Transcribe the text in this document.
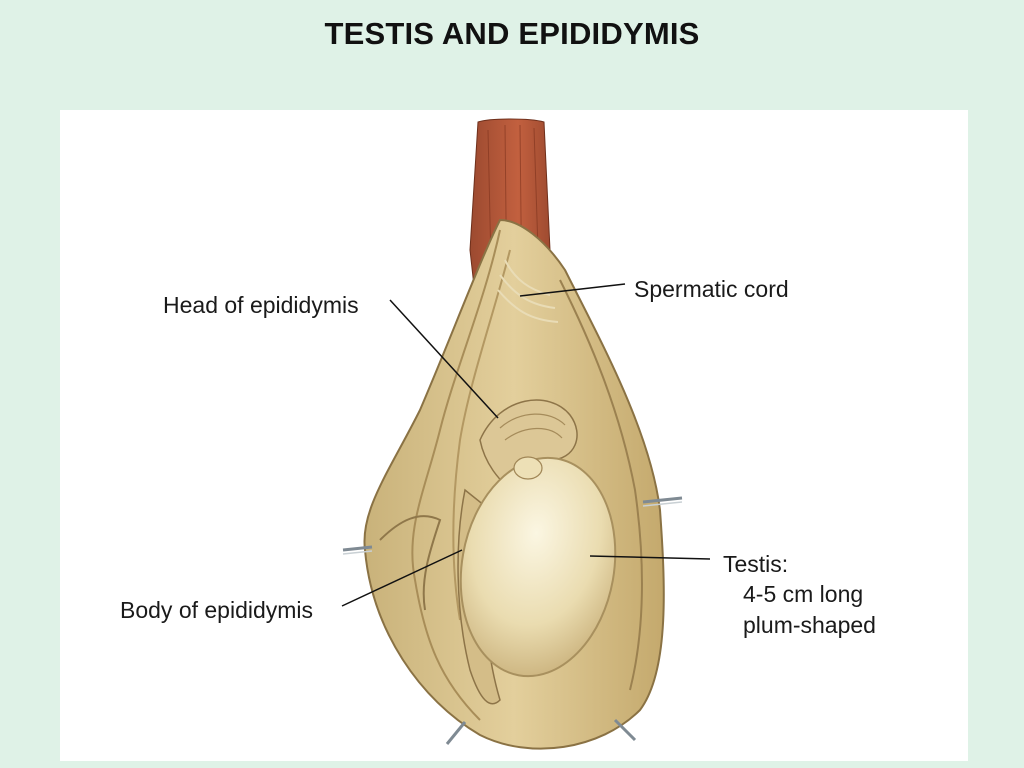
TESTIS AND EPIDIDYMIS
Spermatic cord
Head of epididymis
Body of epididymis
Testis:
4-5 cm long
plum-shaped
